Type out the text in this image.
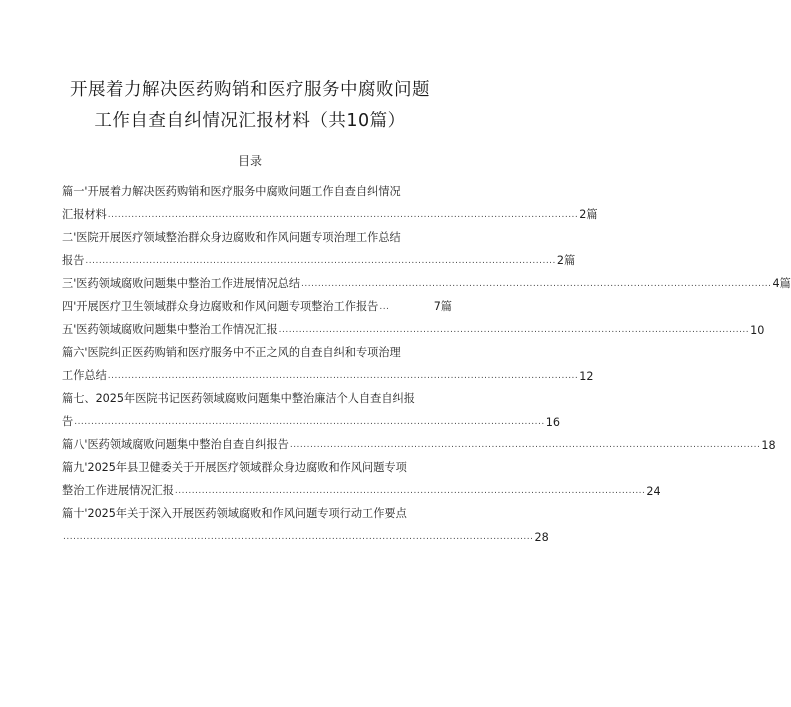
开展着力解决医药购销和医疗服务中腐败问题
工作自查自纠情况汇报材料（共10篇）
目录
篇一'开展着力解决医药购销和医疗服务中腐败问题工作自查自纠情况
汇报材料 ............................................................................................................................................ 2篇
二'医院开展医疗领域整治群众身边腐败和作风问题专项治理工作总结
报告 ............................................................................................................................................ 2篇
三'医药领域腐败问题集中整治工作进展情况总结 ............................................................................................................................................ 4篇
四'开展医疗卫生领域群众身边腐败和作风问题专项整治工作报告 ...	7篇
五'医药领域腐败问题集中整治工作情况汇报 ............................................................................................................................................ 10
篇六'医院纠正医药购销和医疗服务中不正之风的自查自纠和专项治理
工作总结 ............................................................................................................................................ 12
篇七、2025年医院书记医药领域腐败问题集中整治廉洁个人自查自纠报
告 ............................................................................................................................................ 16
篇八'医药领域腐败问题集中整治自查自纠报告 ............................................................................................................................................ 18
篇九'2025年县卫健委关于开展医疗领域群众身边腐败和作风问题专项
整治工作进展情况汇报 ............................................................................................................................................ 24
篇十'2025年关于深入开展医药领域腐败和作风问题专项行动工作要点
............................................................................................................................................ 28
